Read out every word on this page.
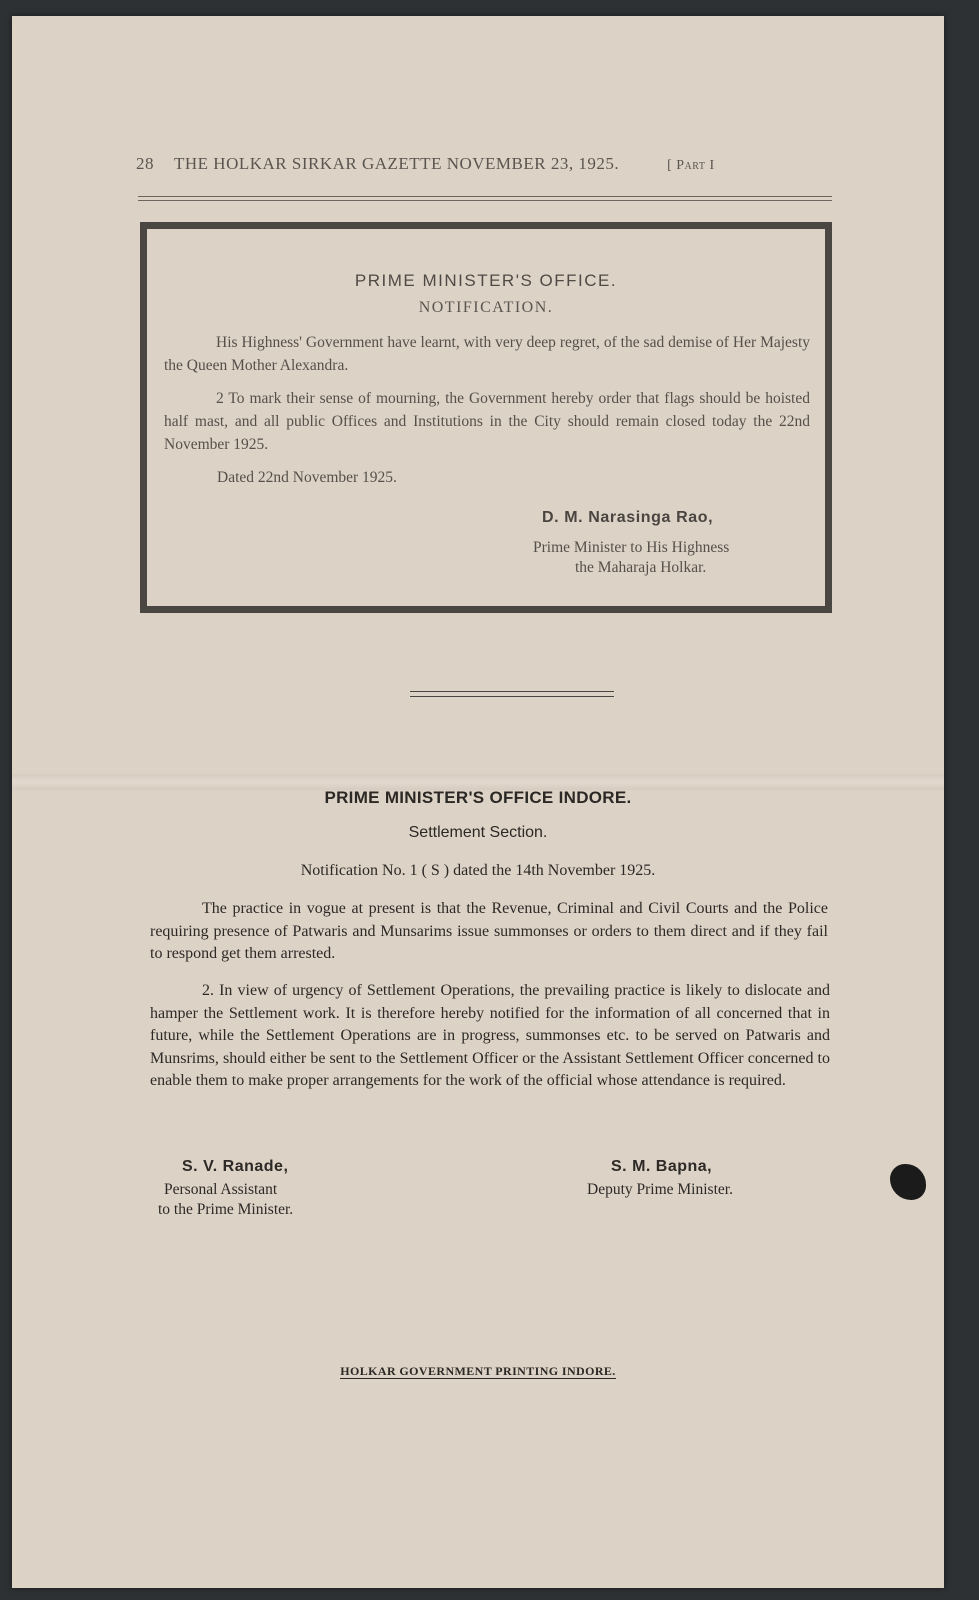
28 THE HOLKAR SIRKAR GAZETTE NOVEMBER 23, 1925.	[ Part I

PRIME MINISTER'S OFFICE.

NOTIFICATION.

His Highness' Government have learnt, with very deep regret, of the sad demise of Her Majesty the Queen Mother Alexandra.

2 To mark their sense of mourning, the Government hereby order that flags should be hoisted half mast, and all public Offices and Institutions in the City should remain closed today the 22nd November 1925.

Dated 22nd November 1925.

D. M. Narasinga Rao,

Prime Minister to His Highness

the Maharaja Holkar.

PRIME MINISTER'S OFFICE INDORE.
Settlement Section.
Notification No. 1 ( S ) dated the 14th November 1925.

The practice in vogue at present is that the Revenue, Criminal and Civil Courts and the Police requiring presence of Patwaris and Munsarims issue summonses or orders to them direct and if they fail to respond get them arrested.

2. In view of urgency of Settlement Operations, the prevailing practice is likely to dislocate and hamper the Settlement work. It is therefore hereby notified for the information of all concerned that in future, while the Settlement Operations are in progress, summonses etc. to be served on Patwaris and Munsrims, should either be sent to the Settlement Officer or the Assistant Settlement Officer concerned to enable them to make proper arrangements for the work of the official whose attendance is required.

S. V. Ranade,
Personal Assistant
to the Prime Minister.
S. M. Bapna,
Deputy Prime Minister.
HOLKAR GOVERNMENT PRINTING INDORE.
